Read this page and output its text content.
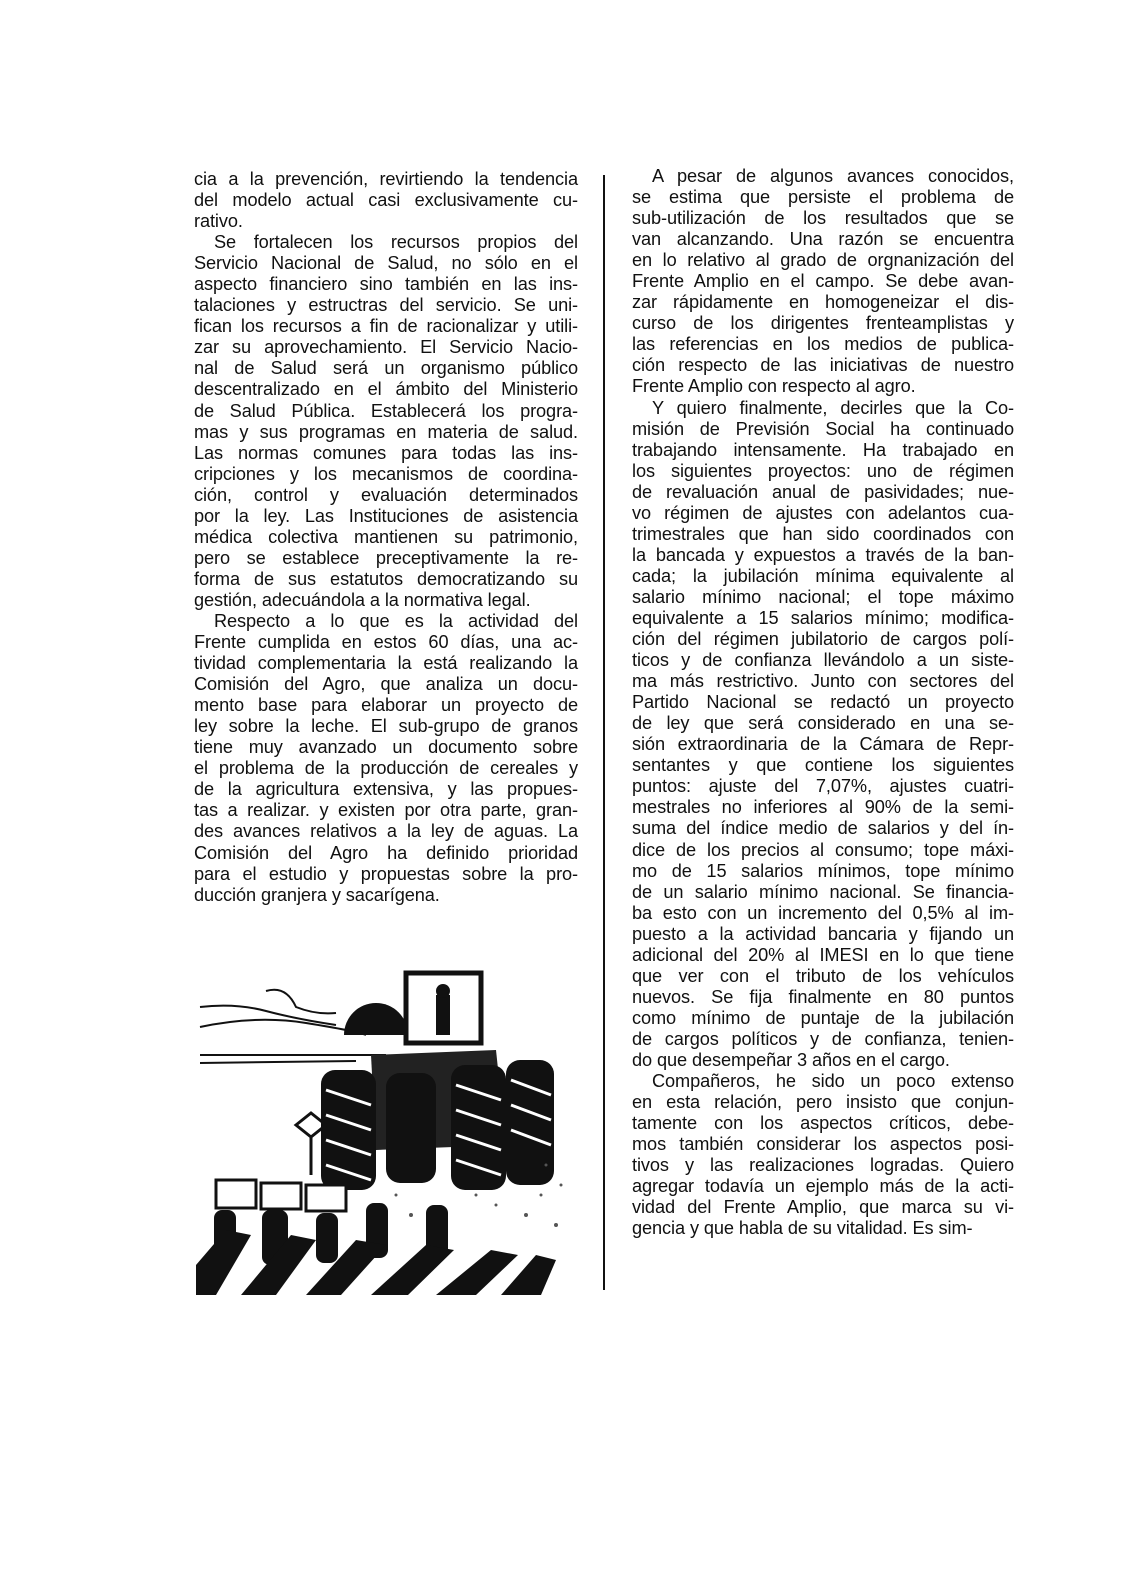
cia a la prevención, revirtiendo la tendencia
del modelo actual casi exclusivamente cu-
rativo.
Se fortalecen los recursos propios del
Servicio Nacional de Salud, no sólo en el
aspecto financiero sino también en las ins-
talaciones y estructras del servicio. Se uni-
fican los recursos a fin de racionalizar y utili-
zar su aprovechamiento. El Servicio Nacio-
nal de Salud será un organismo público
descentralizado en el ámbito del Ministerio
de Salud Pública. Establecerá los progra-
mas y sus programas en materia de salud.
Las normas comunes para todas las ins-
cripciones y los mecanismos de coordina-
ción, control y evaluación determinados
por la ley. Las Instituciones de asistencia
médica colectiva mantienen su patrimonio,
pero se establece preceptivamente la re-
forma de sus estatutos democratizando su
gestión, adecuándola a la normativa legal.
Respecto a lo que es la actividad del
Frente cumplida en estos 60 días, una ac-
tividad complementaria la está realizando la
Comisión del Agro, que analiza un docu-
mento base para elaborar un proyecto de
ley sobre la leche. El sub-grupo de granos
tiene muy avanzado un documento sobre
el problema de la producción de cereales y
de la agricultura extensiva, y las propues-
tas a realizar. y existen por otra parte, gran-
des avances relativos a la ley de aguas. La
Comisión del Agro ha definido prioridad
para el estudio y propuestas sobre la pro-
ducción granjera y sacarígena.
A pesar de algunos avances conocidos,
se estima que persiste el problema de
sub-utilización de los resultados que se
van alcanzando. Una razón se encuentra
en lo relativo al grado de orgnanización del
Frente Amplio en el campo. Se debe avan-
zar rápidamente en homogeneizar el dis-
curso de los dirigentes frenteamplistas y
las referencias en los medios de publica-
ción respecto de las iniciativas de nuestro
Frente Amplio con respecto al agro.
Y quiero finalmente, decirles que la Co-
misión de Previsión Social ha continuado
trabajando intensamente. Ha trabajado en
los siguientes proyectos: uno de régimen
de revaluación anual de pasividades; nue-
vo régimen de ajustes con adelantos cua-
trimestrales que han sido coordinados con
la bancada y expuestos a través de la ban-
cada; la jubilación mínima equivalente al
salario mínimo nacional; el tope máximo
equivalente a 15 salarios mínimo; modifica-
ción del régimen jubilatorio de cargos polí-
ticos y de confianza llevándolo a un siste-
ma más restrictivo. Junto con sectores del
Partido Nacional se redactó un proyecto
de ley que será considerado en una se-
sión extraordinaria de la Cámara de Repr-
sentantes y que contiene los siguientes
puntos: ajuste del 7,07%, ajustes cuatri-
mestrales no inferiores al 90% de la semi-
suma del índice medio de salarios y del ín-
dice de los precios al consumo; tope máxi-
mo de 15 salarios mínimos, tope mínimo
de un salario mínimo nacional. Se financia-
ba esto con un incremento del 0,5% al im-
puesto a la actividad bancaria y fijando un
adicional del 20% al IMESI en lo que tiene
que ver con el tributo de los vehículos
nuevos. Se fija finalmente en 80 puntos
como mínimo de puntaje de la jubilación
de cargos políticos y de confianza, tenien-
do que desempeñar 3 años en el cargo.
Compañeros, he sido un poco extenso
en esta relación, pero insisto que conjun-
tamente con los aspectos críticos, debe-
mos también considerar los aspectos posi-
tivos y las realizaciones logradas. Quiero
agregar todavía un ejemplo más de la acti-
vidad del Frente Amplio, que marca su vi-
gencia y que habla de su vitalidad. Es sim-
